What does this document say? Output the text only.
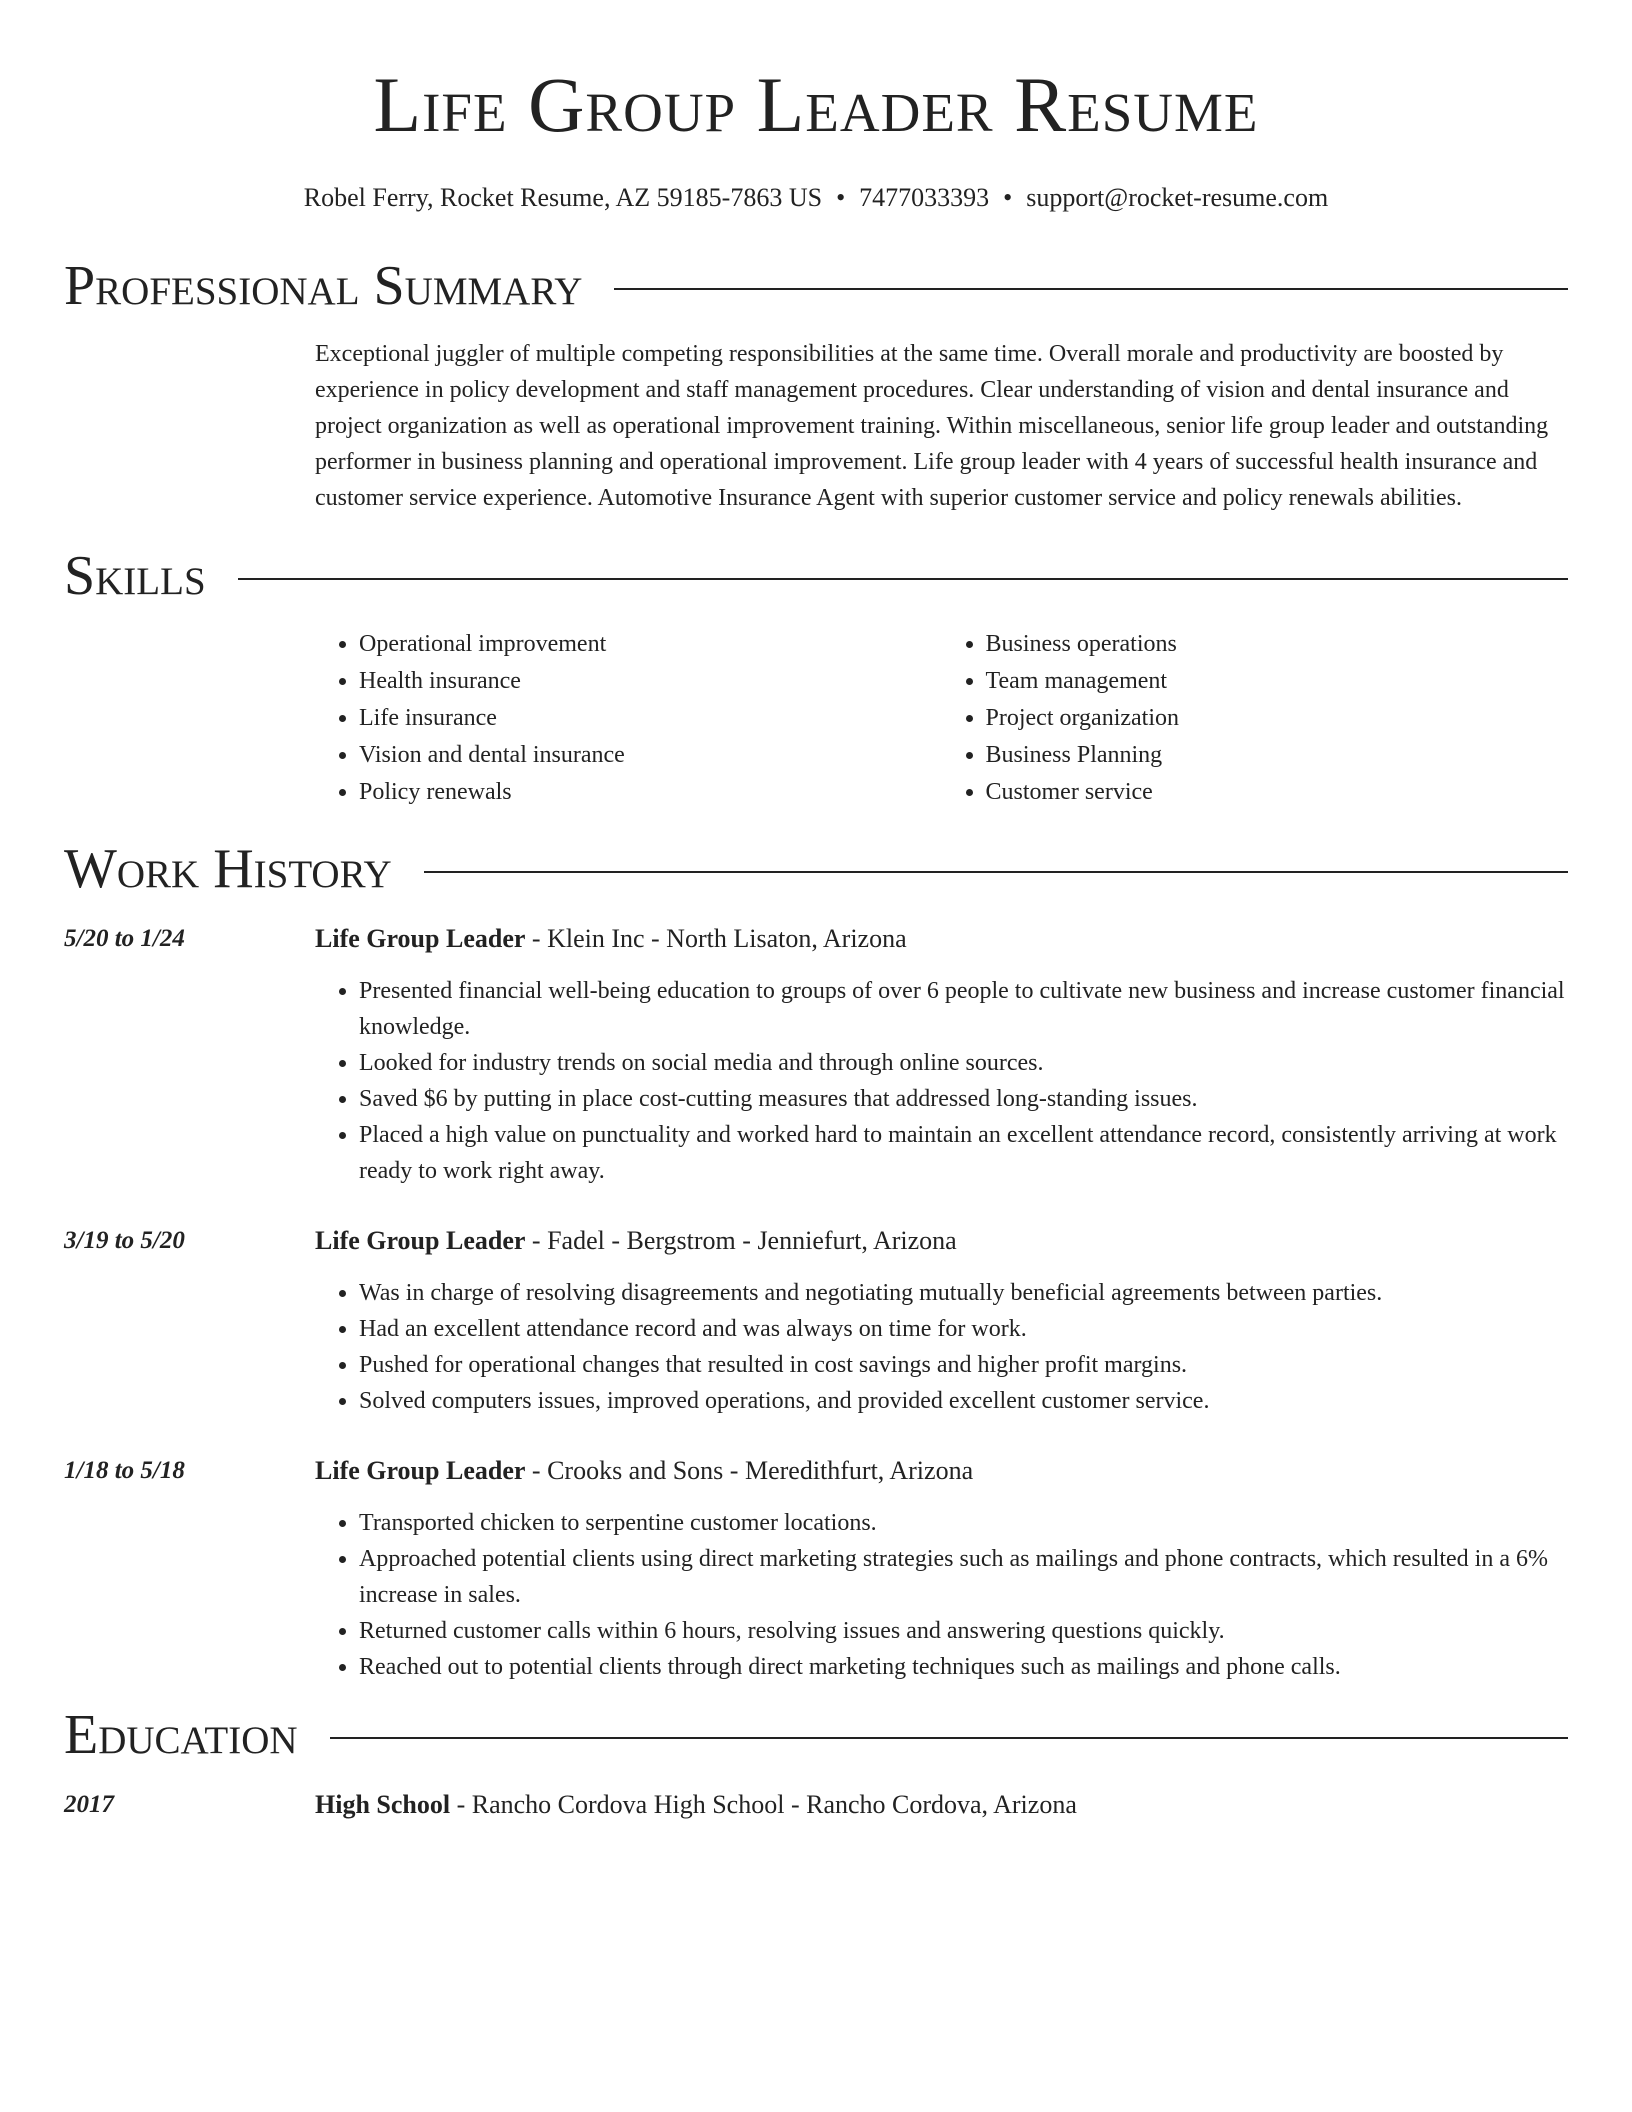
Life Group Leader Resume
Robel Ferry, Rocket Resume, AZ 59185-7863 US • 7477033393 • support@rocket-resume.com
Professional Summary
Exceptional juggler of multiple competing responsibilities at the same time. Overall morale and productivity are boosted by experience in policy development and staff management procedures. Clear understanding of vision and dental insurance and project organization as well as operational improvement training. Within miscellaneous, senior life group leader and outstanding performer in business planning and operational improvement. Life group leader with 4 years of successful health insurance and customer service experience. Automotive Insurance Agent with superior customer service and policy renewals abilities.
Skills
• Operational improvement
• Health insurance
• Life insurance
• Vision and dental insurance
• Policy renewals
• Business operations
• Team management
• Project organization
• Business Planning
• Customer service
Work History
5/20 to 1/24	Life Group Leader - Klein Inc - North Lisaton, Arizona
• Presented financial well-being education to groups of over 6 people to cultivate new business and increase customer financial knowledge.
• Looked for industry trends on social media and through online sources.
• Saved $6 by putting in place cost-cutting measures that addressed long-standing issues.
• Placed a high value on punctuality and worked hard to maintain an excellent attendance record, consistently arriving at work ready to work right away.
3/19 to 5/20	Life Group Leader - Fadel - Bergstrom - Jenniefurt, Arizona
• Was in charge of resolving disagreements and negotiating mutually beneficial agreements between parties.
• Had an excellent attendance record and was always on time for work.
• Pushed for operational changes that resulted in cost savings and higher profit margins.
• Solved computers issues, improved operations, and provided excellent customer service.
1/18 to 5/18	Life Group Leader - Crooks and Sons - Meredithfurt, Arizona
• Transported chicken to serpentine customer locations.
• Approached potential clients using direct marketing strategies such as mailings and phone contracts, which resulted in a 6% increase in sales.
• Returned customer calls within 6 hours, resolving issues and answering questions quickly.
• Reached out to potential clients through direct marketing techniques such as mailings and phone calls.
Education
2017	High School - Rancho Cordova High School - Rancho Cordova, Arizona
